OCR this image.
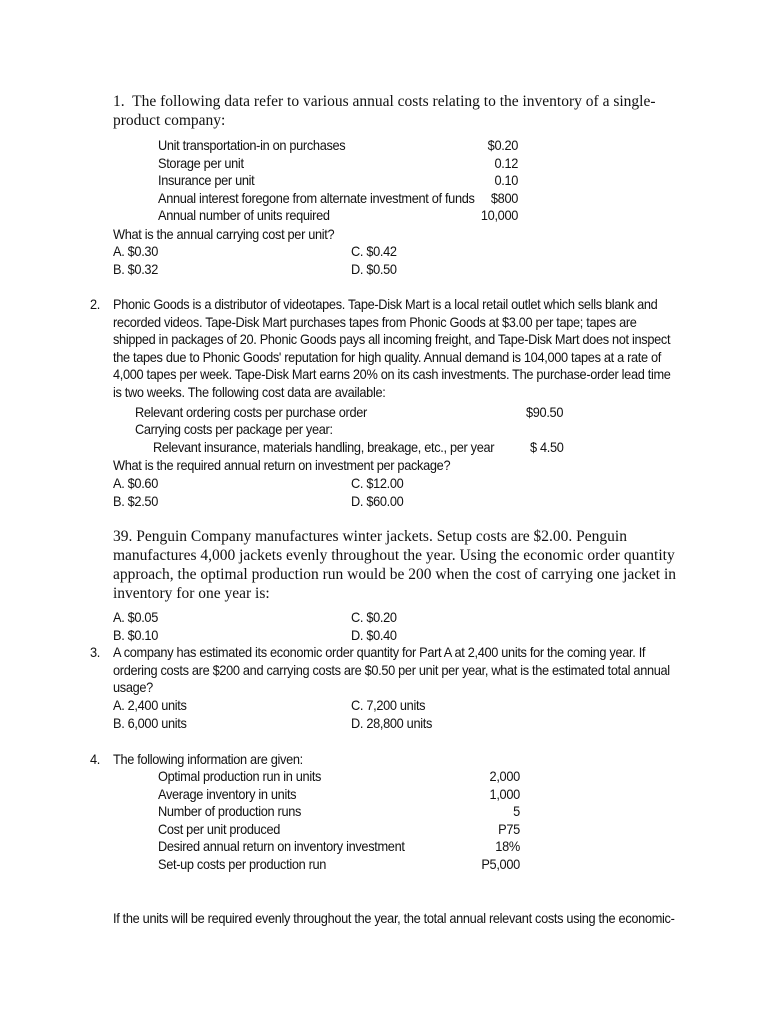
1. The following data refer to various annual costs relating to the inventory of a single-
product company:
Unit transportation-in on purchases	$0.20
Storage per unit	0.12
Insurance per unit	0.10
Annual interest foregone from alternate investment of funds $800
Annual number of units required	10,000
What is the annual carrying cost per unit?
A. $0.30	C. $0.42
B. $0.32	D. $0.50
2. Phonic Goods is a distributor of videotapes. Tape-Disk Mart is a local retail outlet which sells blank and
recorded videos. Tape-Disk Mart purchases tapes from Phonic Goods at $3.00 per tape; tapes are
shipped in packages of 20. Phonic Goods pays all incoming freight, and Tape-Disk Mart does not inspect
the tapes due to Phonic Goods' reputation for high quality. Annual demand is 104,000 tapes at a rate of
4,000 tapes per week. Tape-Disk Mart earns 20% on its cash investments. The purchase-order lead time
is two weeks. The following cost data are available:
Relevant ordering costs per purchase order	$90.50
Carrying costs per package per year:
Relevant insurance, materials handling, breakage, etc., per year	$ 4.50
What is the required annual return on investment per package?
A. $0.60	C. $12.00
B. $2.50	D. $60.00
39. Penguin Company manufactures winter jackets. Setup costs are $2.00. Penguin
manufactures 4,000 jackets evenly throughout the year. Using the economic order quantity
approach, the optimal production run would be 200 when the cost of carrying one jacket in
inventory for one year is:
A. $0.05	C. $0.20
B. $0.10	D. $0.40
3. A company has estimated its economic order quantity for Part A at 2,400 units for the coming year. If
ordering costs are $200 and carrying costs are $0.50 per unit per year, what is the estimated total annual
usage?
A. 2,400 units	C. 7,200 units
B. 6,000 units	D. 28,800 units
4. The following information are given:
Optimal production run in units	2,000
Average inventory in units	1,000
Number of production runs	5
Cost per unit produced	P75
Desired annual return on inventory investment	18%
Set-up costs per production run	P5,000
If the units will be required evenly throughout the year, the total annual relevant costs using the economic-
